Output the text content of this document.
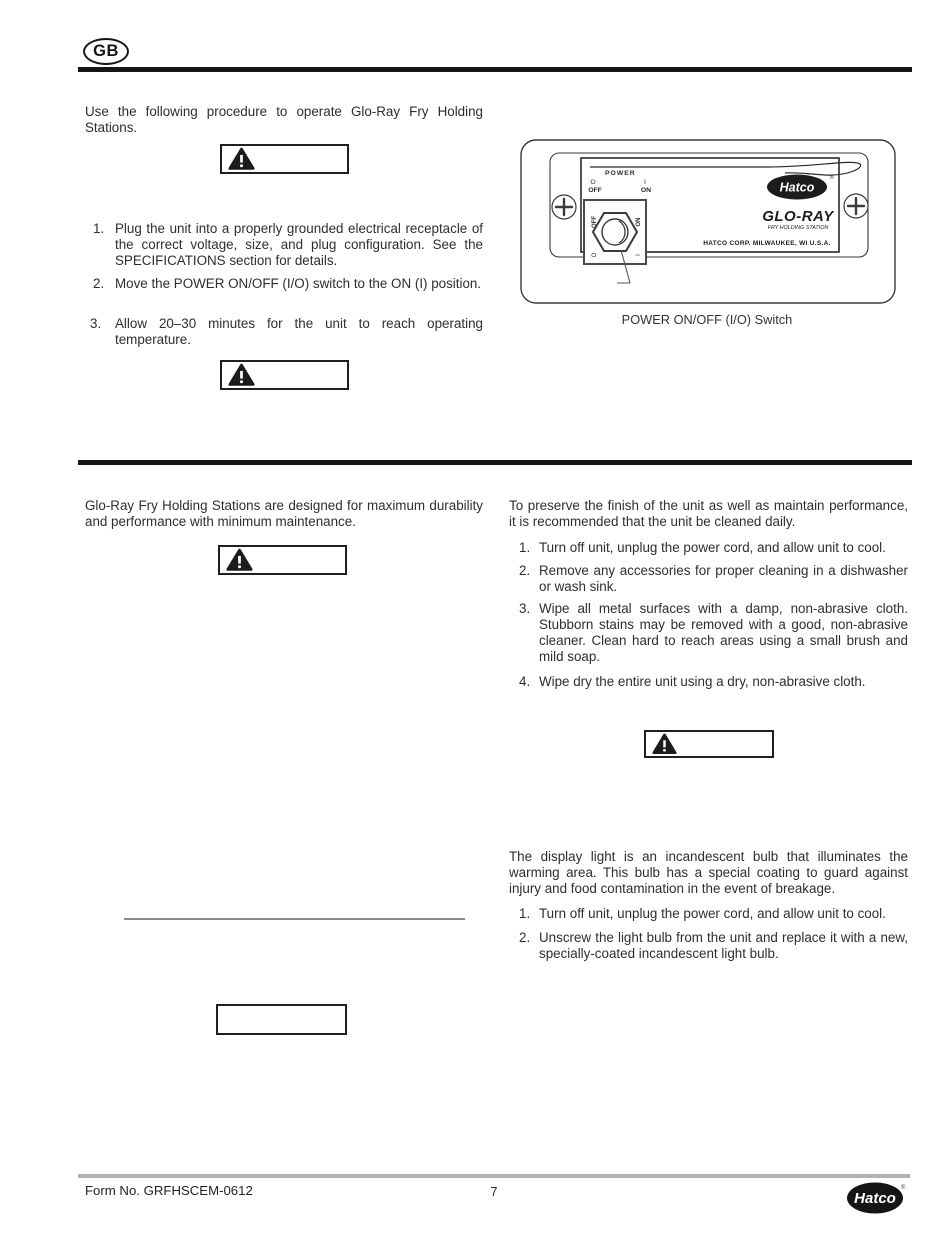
GB

Use the following procedure to operate Glo-Ray Fry Holding Stations.

1. Plug the unit into a properly grounded electrical receptacle of the correct voltage, size, and plug configuration. See the SPECIFICATIONS section for details.
2. Move the POWER ON/OFF (I/O) switch to the ON (I) position.
3. Allow 20–30 minutes for the unit to reach operating temperature.
POWER
O
OFF
I
ON
OFF	ON
O	I
Hatco
®
GLO-RAY
FRY HOLDING STATION
HATCO CORP. MILWAUKEE, WI U.S.A.
POWER ON/OFF (I/O) Switch

Glo-Ray Fry Holding Stations are designed for maximum durability and performance with minimum maintenance.

To preserve the finish of the unit as well as maintain performance, it is recommended that the unit be cleaned daily.

1. Turn off unit, unplug the power cord, and allow unit to cool.
2. Remove any accessories for proper cleaning in a dishwasher or wash sink.
3. Wipe all metal surfaces with a damp, non-abrasive cloth. Stubborn stains may be removed with a good, non-abrasive cleaner. Clean hard to reach areas using a small brush and mild soap.
4. Wipe dry the entire unit using a dry, non-abrasive cloth.

The display light is an incandescent bulb that illuminates the warming area. This bulb has a special coating to guard against injury and food contamination in the event of breakage.

1. Turn off unit, unplug the power cord, and allow unit to cool.
2. Unscrew the light bulb from the unit and replace it with a new, specially-coated incandescent light bulb.
Form No. GRFHSCEM-0612	7	Hatco
®
